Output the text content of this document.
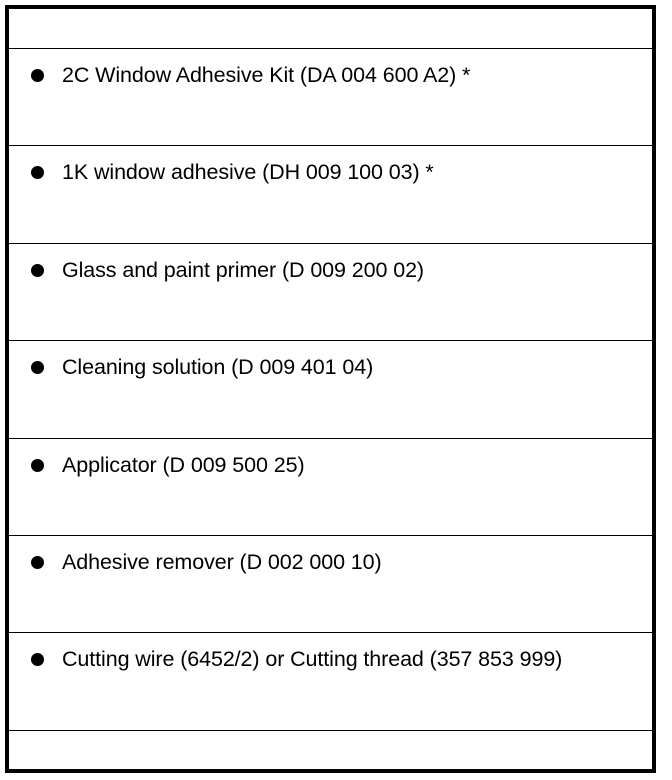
2C Window Adhesive Kit (DA 004 600 A2) *
1K window adhesive (DH 009 100 03) *
Glass and paint primer (D 009 200 02)
Cleaning solution (D 009 401 04)
Applicator (D 009 500 25)
Adhesive remover (D 002 000 10)
Cutting wire (6452/2) or Cutting thread (357 853 999)
